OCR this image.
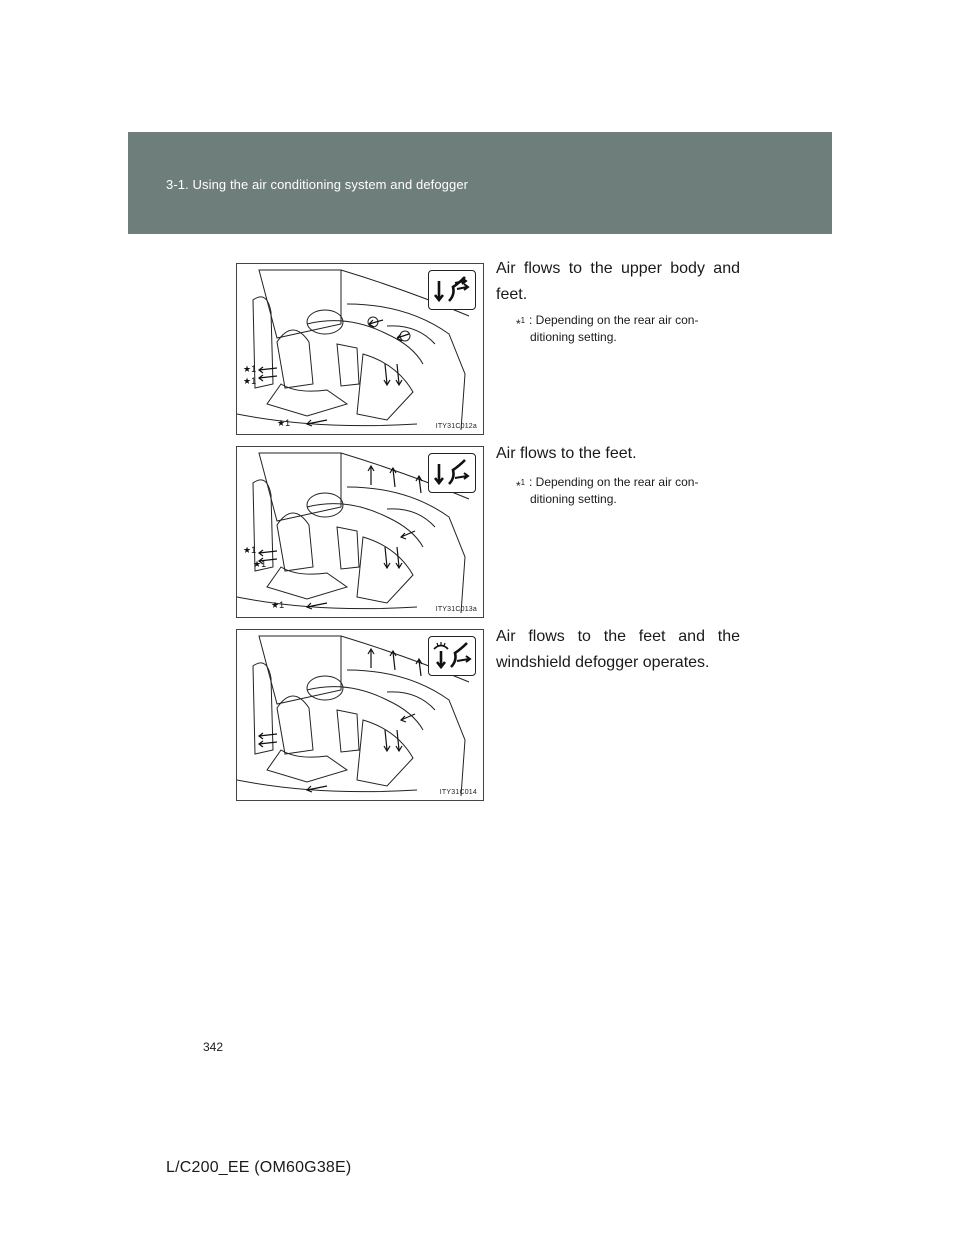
3-1. Using the air conditioning system and defogger
★1
★1
★1	ITY31C012a

Air flows to the upper body and feet.

*$^1$ : Depending on the rear air con-ditioning setting.
★1
★1
★1	ITY31C013a

Air flows to the feet.

*$^1$ : Depending on the rear air con-ditioning setting.
ITY31C014

Air flows to the feet and the windshield defogger operates.

342
L/C200_EE (OM60G38E)
